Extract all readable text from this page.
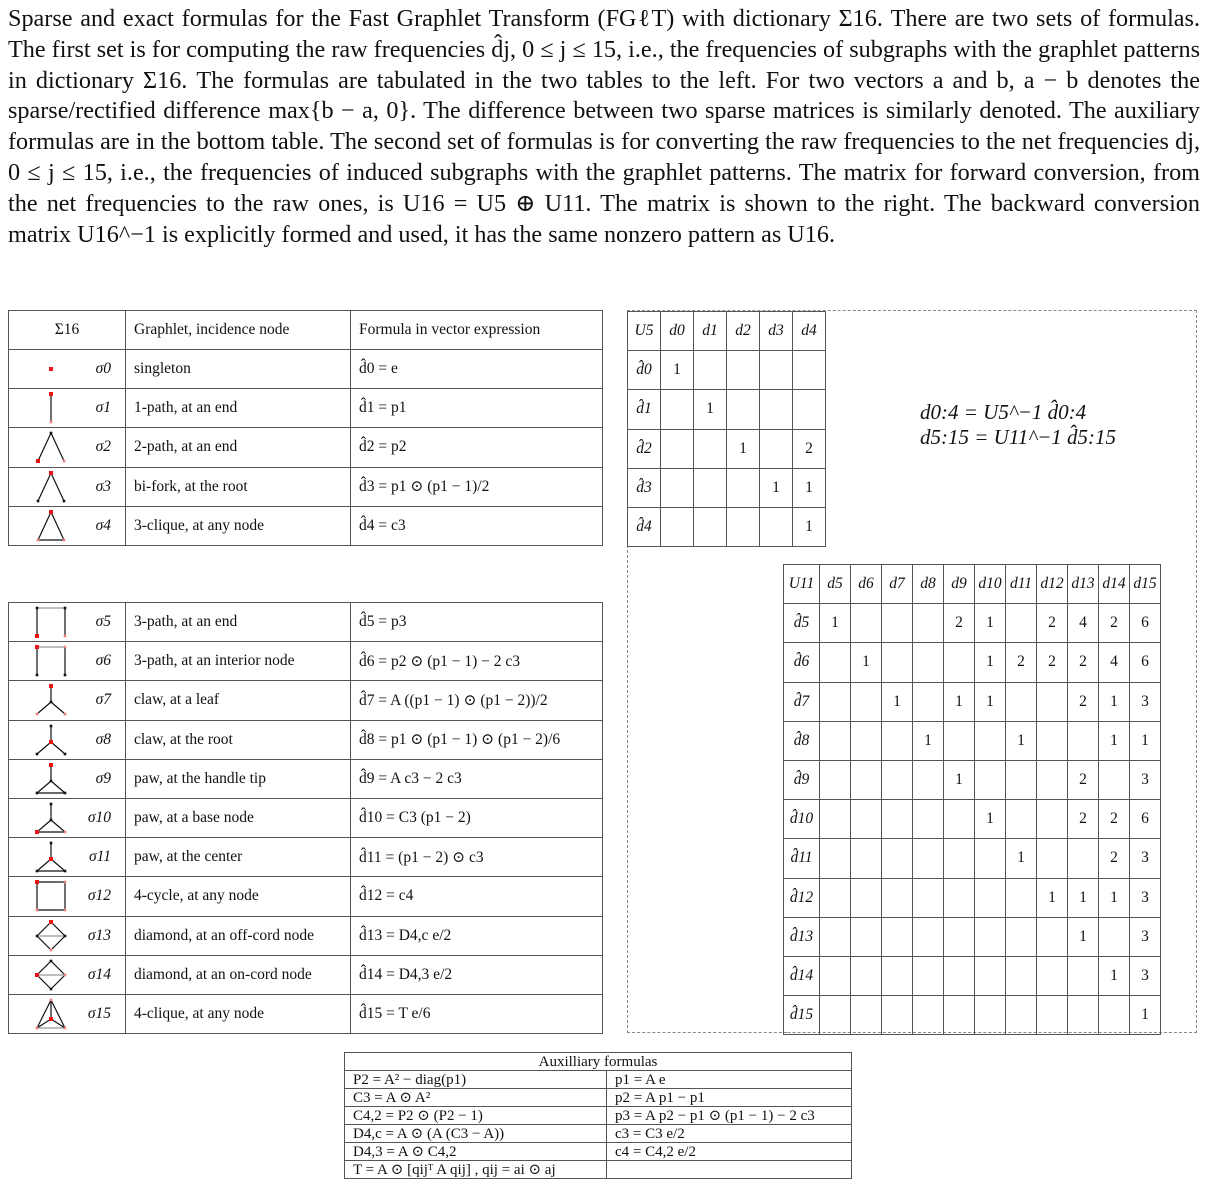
Sparse and exact formulas for the Fast Graphlet Transform (FGℓT) with dictionary Σ16. There are two sets of formulas. The first set is for computing the raw frequencies d̂j, 0 ≤ j ≤ 15, i.e., the frequencies of subgraphs with the graphlet patterns in dictionary Σ16. The formulas are tabulated in the two tables to the left. For two vectors a and b, a − b denotes the sparse/rectified difference max{b − a, 0}. The difference between two sparse matrices is similarly denoted. The auxiliary formulas are in the bottom table. The second set of formulas is for converting the raw frequencies to the net frequencies dj, 0 ≤ j ≤ 15, i.e., the frequencies of induced subgraphs with the graphlet patterns. The matrix for forward conversion, from the net frequencies to the raw ones, is U16 = U5 ⊕ U11. The matrix is shown to the right. The backward conversion matrix U16^−1 is explicitly formed and used, it has the same nonzero pattern as U16.
Σ16	Graphlet, incidence node	Formula in vector expression

σ0	singleton	d̂0 = e

σ1	1-path, at an end	d̂1 = p1

σ2	2-path, at an end	d̂2 = p2

σ3	bi-fork, at the root	d̂3 = p1 ⊙ (p1 − 1)/2

σ4	3-clique, at any node	d̂4 = c3
σ5	3-path, at an end	d̂5 = p3

σ6	3-path, at an interior node	d̂6 = p2 ⊙ (p1 − 1) − 2 c3

σ7	claw, at a leaf	d̂7 = A ((p1 − 1) ⊙ (p1 − 2))/2

σ8	claw, at the root	d̂8 = p1 ⊙ (p1 − 1) ⊙ (p1 − 2)/6

σ9	paw, at the handle tip	d̂9 = A c3 − 2 c3

σ10	paw, at a base node	d̂10 = C3 (p1 − 2)

σ11	paw, at the center	d̂11 = (p1 − 2) ⊙ c3

σ12	4-cycle, at any node	d̂12 = c4

σ13	diamond, at an off-cord node	d̂13 = D4,c e/2

σ14	diamond, at an on-cord node	d̂14 = D4,3 e/2

σ15	4-clique, at any node	d̂15 = T e/6
U5	d0	d1	d2	d3	d4
d̂0	1				
d̂1		1			
d̂2			1		2
d̂3				1	1
d̂4					1
U11	d5	d6	d7	d8	d9	d10	d11	d12	d13	d14	d15
d̂5	1				2	1		2	4	2	6
d̂6		1				1	2	2	2	4	6
d̂7			1		1	1			2	1	3
d̂8				1			1			1	1
d̂9					1				2		3
d̂10						1			2	2	6
d̂11							1			2	3
d̂12								1	1	1	3
d̂13									1		3
d̂14										1	3
d̂15											1
d0:4 = U5^−1 d̂0:4
d5:15 = U11^−1 d̂5:15
Auxilliary formulas	
P2 = A² − diag(p1)	p1 = A e
C3 = A ⊙ A²	p2 = A p1 − p1
C4,2 = P2 ⊙ (P2 − 1)	p3 = A p2 − p1 ⊙ (p1 − 1) − 2 c3
D4,c = A ⊙ (A (C3 − A))	c3 = C3 e/2
D4,3 = A ⊙ C4,2	c4 = C4,2 e/2
T = A ⊙ [qijᵀ A qij] , qij = ai ⊙ aj	
